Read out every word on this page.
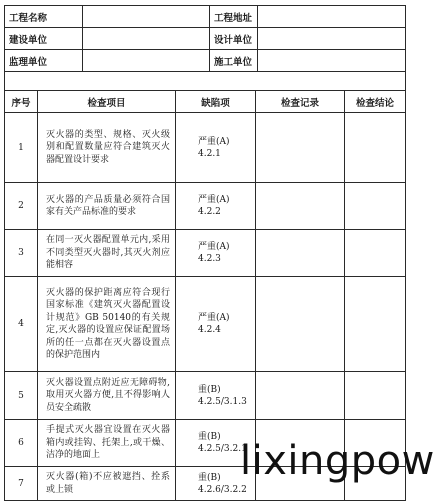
工程名称		工程地址	
建设单位		设计单位	
监理单位		施工单位	

序号	检查项目	缺陷项	检查记录	检查结论
1	灭火器的类型、规格、灭火级别和配置数量应符合建筑灭火器配置设计要求	严重(A)
4.2.1		

2	灭火器的产品质量必须符合国家有关产品标准的要求	严重(A)
4.2.2		

3	在同一灭火器配置单元内,采用不同类型灭火器时,其灭火剂应能相容	严重(A)
4.2.3		

4	灭火器的保护距离应符合现行国家标准《建筑灭火器配置设计规范》GB 50140的有关规定,灭火器的设置应保证配置场所的任一点都在灭火器设置点的保护范围内	严重(A)
4.2.4		

5	灭火器设置点附近应无障碍物,取用灭火器方便,且不得影响人员安全疏散	重(B)
4.2.5/3.1.3		

6	手提式灭火器宜设置在灭火器箱内或挂钩、托架上,或干燥、洁净的地面上	重(B)
4.2.5/3.2.1		

7	灭火器(箱)不应被遮挡、拴系或上锁	重(B)
4.2.6/3.2.2		

lixingpow
